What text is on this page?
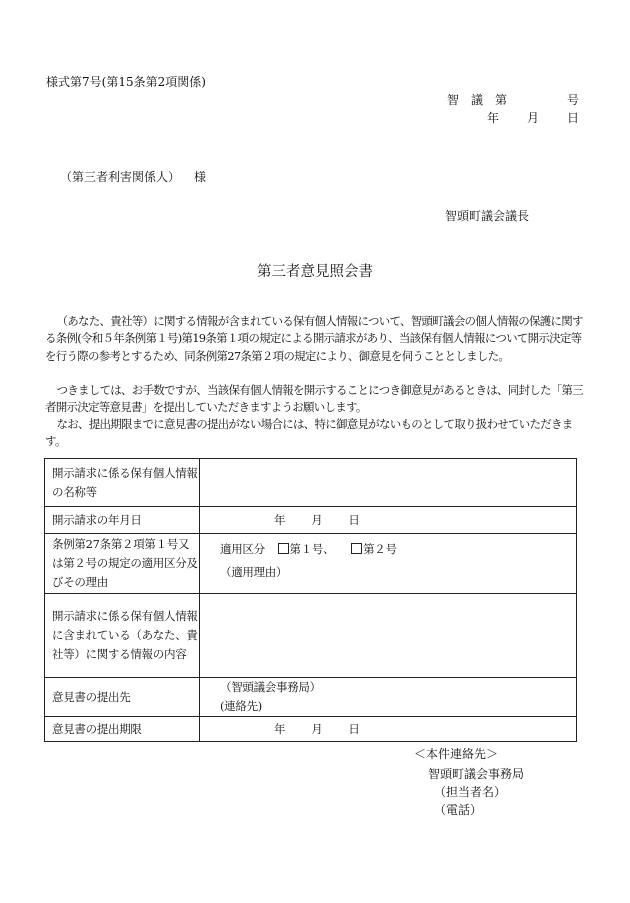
様式第7号(第15条第2項関係)
智　議　第	号
年 月 日
（第三者利害関係人） 様
智頭町議会議長
第三者意見照会書
（あなた、貴社等）に関する情報が含まれている保有個人情報について、智頭町議会の個人情報の保護に関する条例(令和５年条例第１号)第19条第１項の規定による開示請求があり、当該保有個人情報について開示決定等を行う際の参考とするため、同条例第27条第２項の規定により、御意見を伺うこととしました。
つきましては、お手数ですが、当該保有個人情報を開示することにつき御意見があるときは、同封した「第三者開示決定等意見書」を提出していただきますようお願いします。
なお、提出期限までに意見書の提出がない場合には、特に御意見がないものとして取り扱わせていただきます。
開示請求に係る保有個人情報の名称等	
開示請求の年月日	年 月 日
条例第27条第２項第１号又は第２号の規定の適用区分及びその理由	適用区分 第１号、 第２号
（適用理由）

開示請求に係る保有個人情報に含まれている（あなた、貴社等）に関する情報の内容	
意見書の提出先	（智頭議会事務局）
(連絡先)

意見書の提出期限	年 月 日
＜本件連絡先＞
智頭町議会事務局
（担当者名）
（電話）
